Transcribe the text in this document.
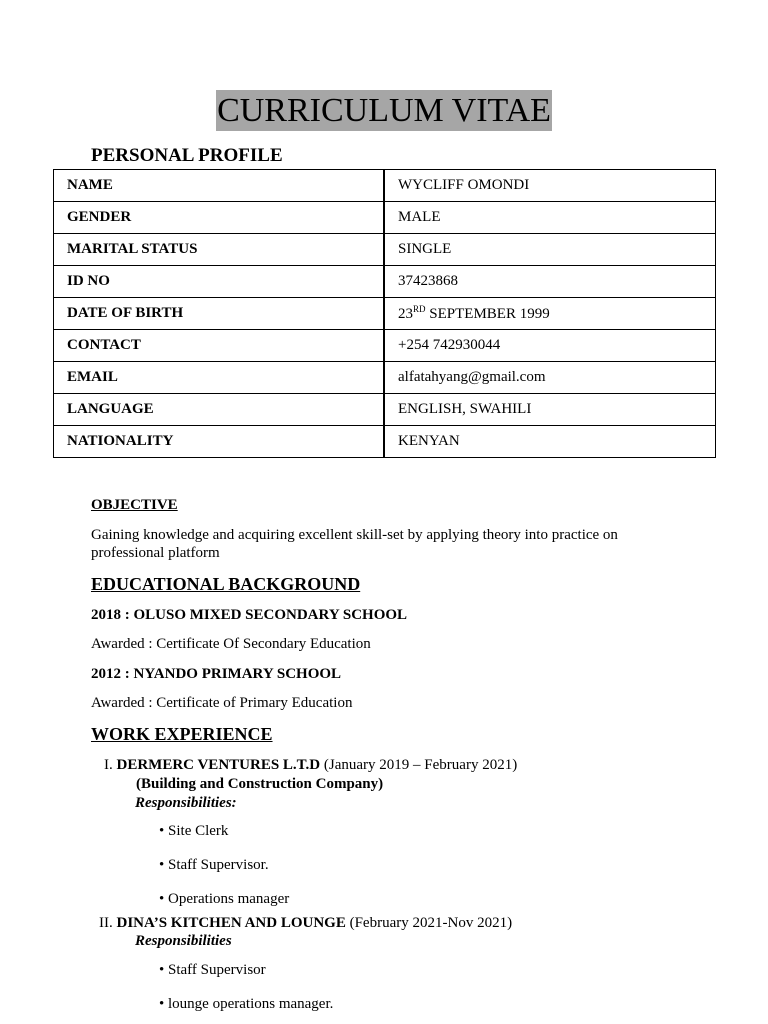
CURRICULUM VITAE
PERSONAL PROFILE
NAME	WYCLIFF OMONDI
GENDER	MALE
MARITAL STATUS	SINGLE
ID NO	37423868
DATE OF BIRTH	23RD SEPTEMBER 1999
CONTACT	+254 742930044
EMAIL	alfatahyang@gmail.com
LANGUAGE	ENGLISH, SWAHILI
NATIONALITY	KENYAN
OBJECTIVE
Gaining knowledge and acquiring excellent skill-set by applying theory into practice on
professional platform
EDUCATIONAL BACKGROUND
2018 : OLUSO MIXED SECONDARY SCHOOL
Awarded : Certificate Of Secondary Education
2012 : NYANDO PRIMARY SCHOOL
Awarded : Certificate of Primary Education
WORK EXPERIENCE
I. DERMERC VENTURES L.T.D (January 2019 – February 2021)
(Building and Construction Company)
Responsibilities:
• Site Clerk
• Staff Supervisor.
• Operations manager
II. DINA’S KITCHEN AND LOUNGE (February 2021-Nov 2021)
Responsibilities
• Staff Supervisor
• lounge operations manager.
